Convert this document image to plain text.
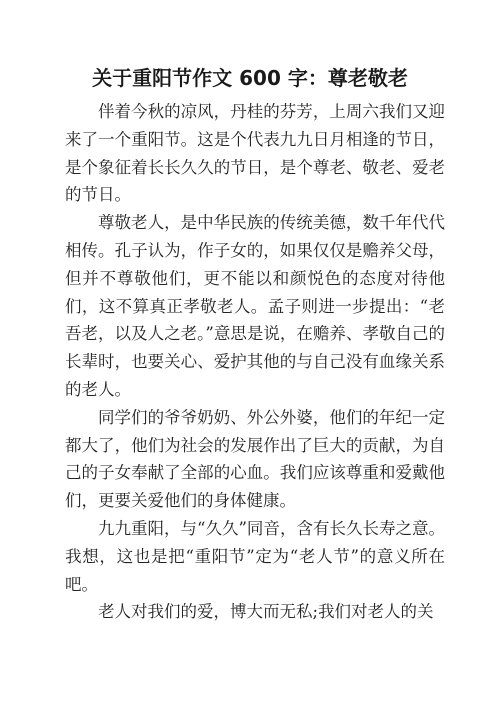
关于重阳节作文 600 字：尊老敬老

伴着今秋的凉风，丹桂的芬芳，上周六我们又迎来了一个重阳节。这是个代表九九日月相逢的节日，是个象征着长长久久的节日，是个尊老、敬老、爱老的节日。

尊敬老人，是中华民族的传统美德，数千年代代相传。孔子认为，作子女的，如果仅仅是赡养父母，但并不尊敬他们，更不能以和颜悦色的态度对待他们，这不算真正孝敬老人。孟子则进一步提出：“老吾老，以及人之老。”意思是说，在赡养、孝敬自己的长辈时，也要关心、爱护其他的与自己没有血缘关系的老人。

同学们的爷爷奶奶、外公外婆，他们的年纪一定都大了，他们为社会的发展作出了巨大的贡献，为自己的子女奉献了全部的心血。我们应该尊重和爱戴他们，更要关爱他们的身体健康。

九九重阳，与“久久”同音，含有长久长寿之意。我想，这也是把“重阳节”定为“老人节”的意义所在吧。

老人对我们的爱，博大而无私;我们对老人的关
